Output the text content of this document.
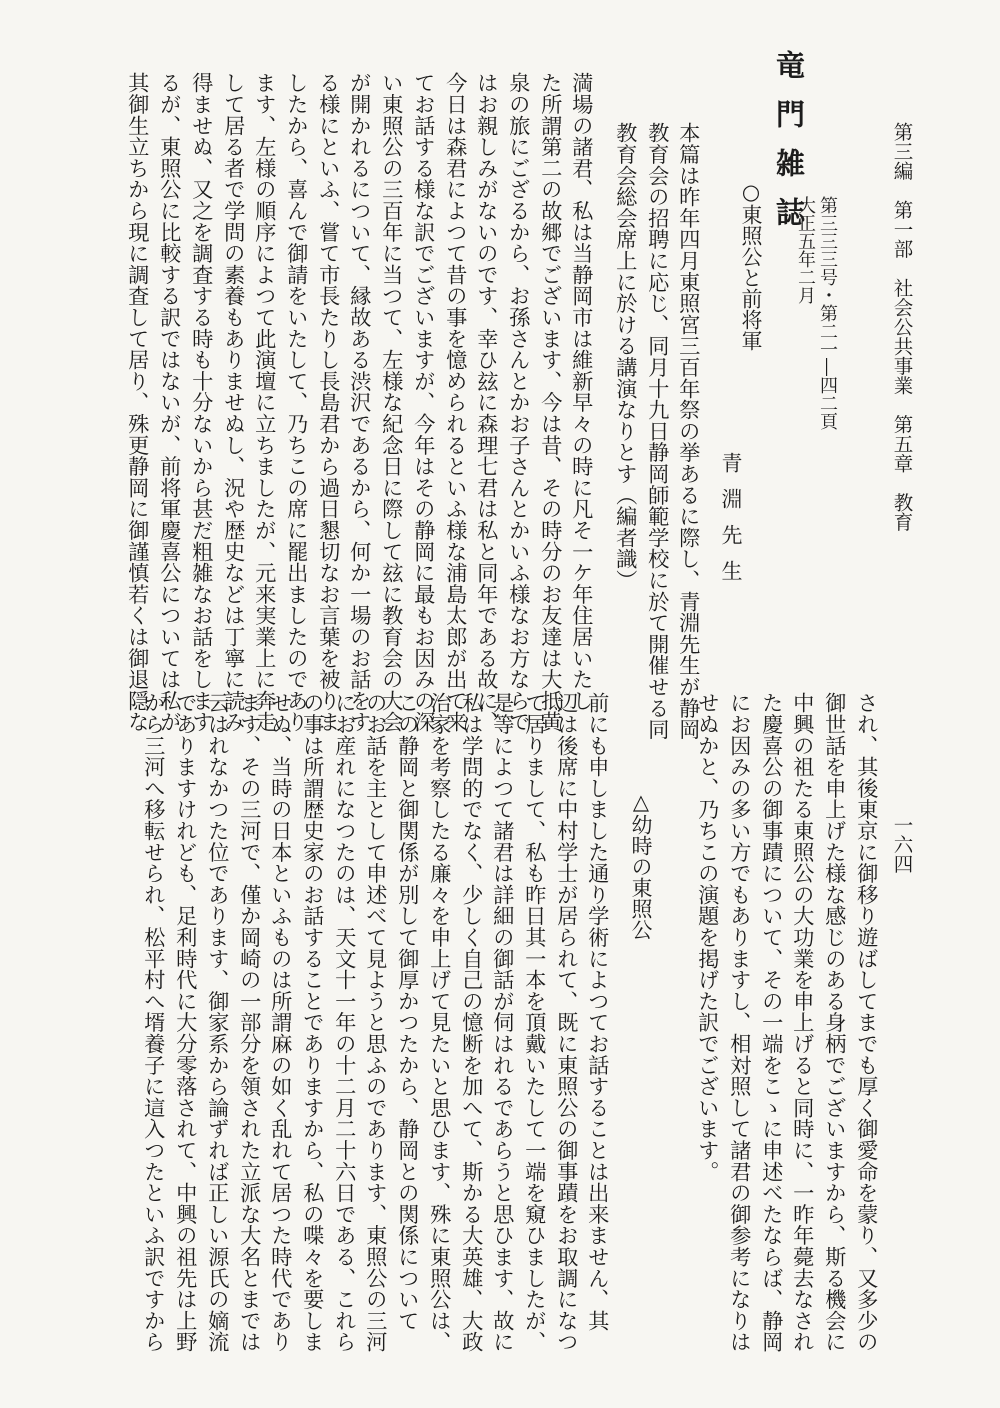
第三編　第一部　社会公共事業　第五章　教育
一六四
竜門雑誌
第三三三号・第二一―四二頁
大正五年二月
本篇は昨年四月東照宮三百年祭の挙あるに際し、青淵先生が静岡
教育会の招聘に応じ、同月十九日静岡師範学校に於て開催せる同
教育会総会席上に於ける講演なりとす（編者識）	○東照公と前将軍
青淵先生
満場の諸君、私は当静岡市は維新早々の時に凡そ一ケ年住居いたし
た所謂第二の故郷でございます、今は昔、その時分のお友達は大抵黄
泉の旅にござるから、お孫さんとかお子さんとかいふ様なお方ならで
はお親しみがないのです、幸ひ玆に森理七君は私と同年である故に、
今日は森君によつて昔の事を憶められるといふ様な浦島太郎が出て来
てお話する様な訳でございますが、今年はその静岡に最もお因みの深
い東照公の三百年に当つて、左様な紀念日に際して玆に教育会の大会
が開かれるについて、縁故ある渋沢であるから、何か一場のお話をす
る様にといふ、嘗て市長たりし長島君から過日懇切なお言葉を被りま
したから、喜んで御請をいたして、乃ちこの席に罷出ましたのであり
ます、左様の順序によつて此演壇に立ちましたが、元来実業上に奔走
して居る者で学問の素養もありませぬし、況や歴史などは丁寧に読み
得ませぬ、又之を調査する時も十分ないから甚だ粗雑なお話をします
るが、東照公に比較する訳ではないが、前将軍慶喜公については私が
其御生立ちから現に調査して居り、殊更静岡に御謹慎若くは御退隠な
され、其後東京に御移り遊ばしてまでも厚く御愛命を蒙り、又多少の
御世話を申上げた様な感じのある身柄でございますから、斯る機会に
中興の祖たる東照公の大功業を申上げると同時に、一昨年薨去なされ
た慶喜公の御事蹟について、その一端をこゝに申述べたならば、静岡
にお因みの多い方でもありますし、相対照して諸君の御参考になりは
せぬかと、乃ちこの演題を掲げた訳でございます。
△幼時の東照公
前にも申しました通り学術によつてお話することは出来ません、其
辺は後席に中村学士が居られて、既に東照公の御事蹟をお取調になつ
て居りまして、私も昨日其一本を頂戴いたして一端を窺ひましたが、
是等によつて諸君は詳細の御話が伺はれるであらうと思ひます、故に
私は学問的でなく、少しく自己の憶断を加へて、斯かる大英雄、大政
治家を考察したる廉々を申上げて見たいと思ひます、殊に東照公は、
この静岡と御関係が別して御厚かつたから、静岡との関係について
のお話を主として申述べて見ようと思ふのであります、東照公の三河
にお産れになつたのは、天文十一年の十二月二十六日である、これら
の事は所謂歴史家のお話することでありますから、私の喋々を要しま
せぬ、当時の日本といふものは所謂麻の如く乱れて居つた時代であり
ます、その三河で、僅か岡崎の一部分を領された立派な大名とまでは
云はれなかつた位であります、御家系から論ずれば正しい源氏の嫡流
でありますけれども、足利時代に大分零落されて、中興の祖先は上野
から三河へ移転せられ、松平村へ壻養子に這入つたといふ訳ですから
